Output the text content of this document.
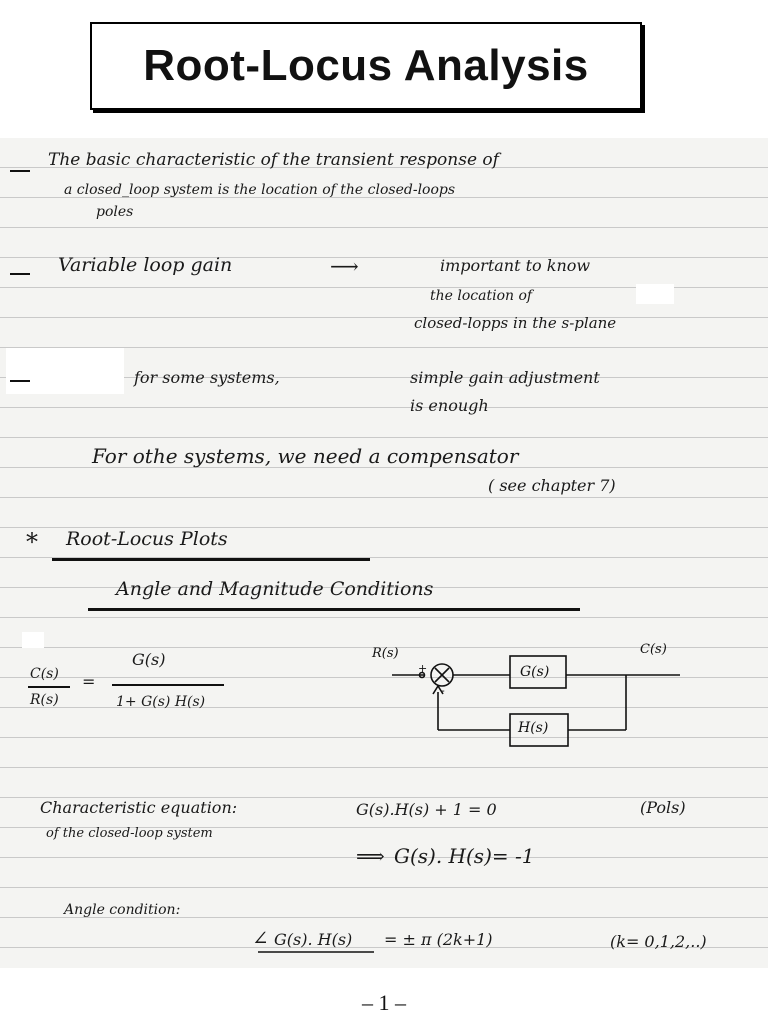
Root-Locus Analysis
The basic characteristic of the transient response of
a closed_loop system is the location of the closed-loops
poles
Variable loop gain	⟶	important to know
the location of
closed-lopps in the s-plane
for some systems,	simple gain adjustment
is enough
For othe systems, we need a compensator
( see chapter 7)
* Root-Locus Plots
Angle and Magnitude Conditions
C(s)
R(s)
=
G(s)
1+ G(s) H(s)
R(s)	C(s)
G(s)
H(s)
+
-
Characteristic equation:
of the closed-loop system
G(s).H(s) + 1 = 0	(Pols)
⟹ G(s). H(s)= -1
Angle condition:
∠ G(s). H(s) = ± π (2k+1)	(k= 0,1,2,..)
– 1 –
